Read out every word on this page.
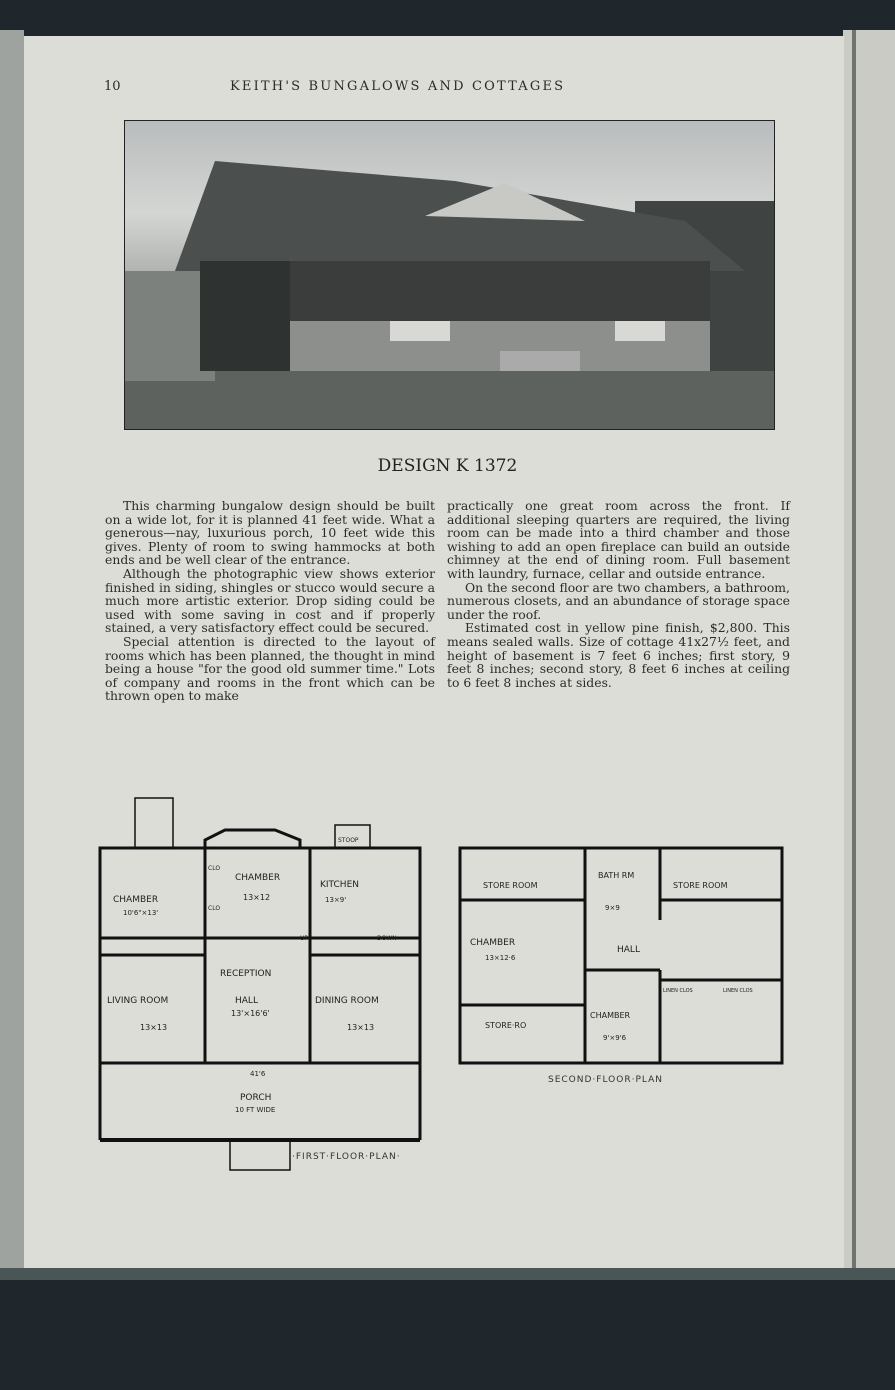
10	KEITH'S BUNGALOWS AND COTTAGES
DESIGN K 1372

This charming bungalow design should be built on a wide lot, for it is planned 41 feet wide. What a generous—nay, luxurious porch, 10 feet wide this gives. Plenty of room to swing hammocks at both ends and be well clear of the entrance.

Although the photographic view shows exterior finished in siding, shingles or stucco would secure a much more artistic exterior. Drop siding could be used with some saving in cost and if properly stained, a very satisfactory effect could be secured.

Special attention is directed to the layout of rooms which has been planned, the thought in mind being a house "for the good old summer time." Lots of company and rooms in the front which can be thrown open to make

practically one great room across the front. If additional sleeping quarters are required, the living room can be made into a third chamber and those wishing to add an open fireplace can build an outside chimney at the end of dining room. Full basement with laundry, furnace, cellar and outside entrance.

On the second floor are two chambers, a bathroom, numerous closets, and an abundance of storage space under the roof.

Estimated cost in yellow pine finish, $2,800. This means sealed walls. Size of cottage 41x27½ feet, and height of basement is 7 feet 6 inches; first story, 9 feet 8 inches; second story, 8 feet 6 inches at ceiling to 6 feet 8 inches at sides.

CHAMBER
13×12
CHAMBER
10'6"×13'
KITCHEN
13×9'
RECEPTION
LIVING ROOM
13×13
HALL
13'×16'6'
DINING ROOM
13×13
41'6
PORCH
10 FT WIDE
STOOP
CLO
CLO
UP	DOWN
·FIRST·FLOOR·PLAN·
STORE ROOM
BATH RM
9×9
STORE ROOM
CHAMBER
13×12·6
HALL
LINEN CLOS	LINEN CLOS
STORE·RO
CHAMBER
9'×9'6
SECOND·FLOOR·PLAN
